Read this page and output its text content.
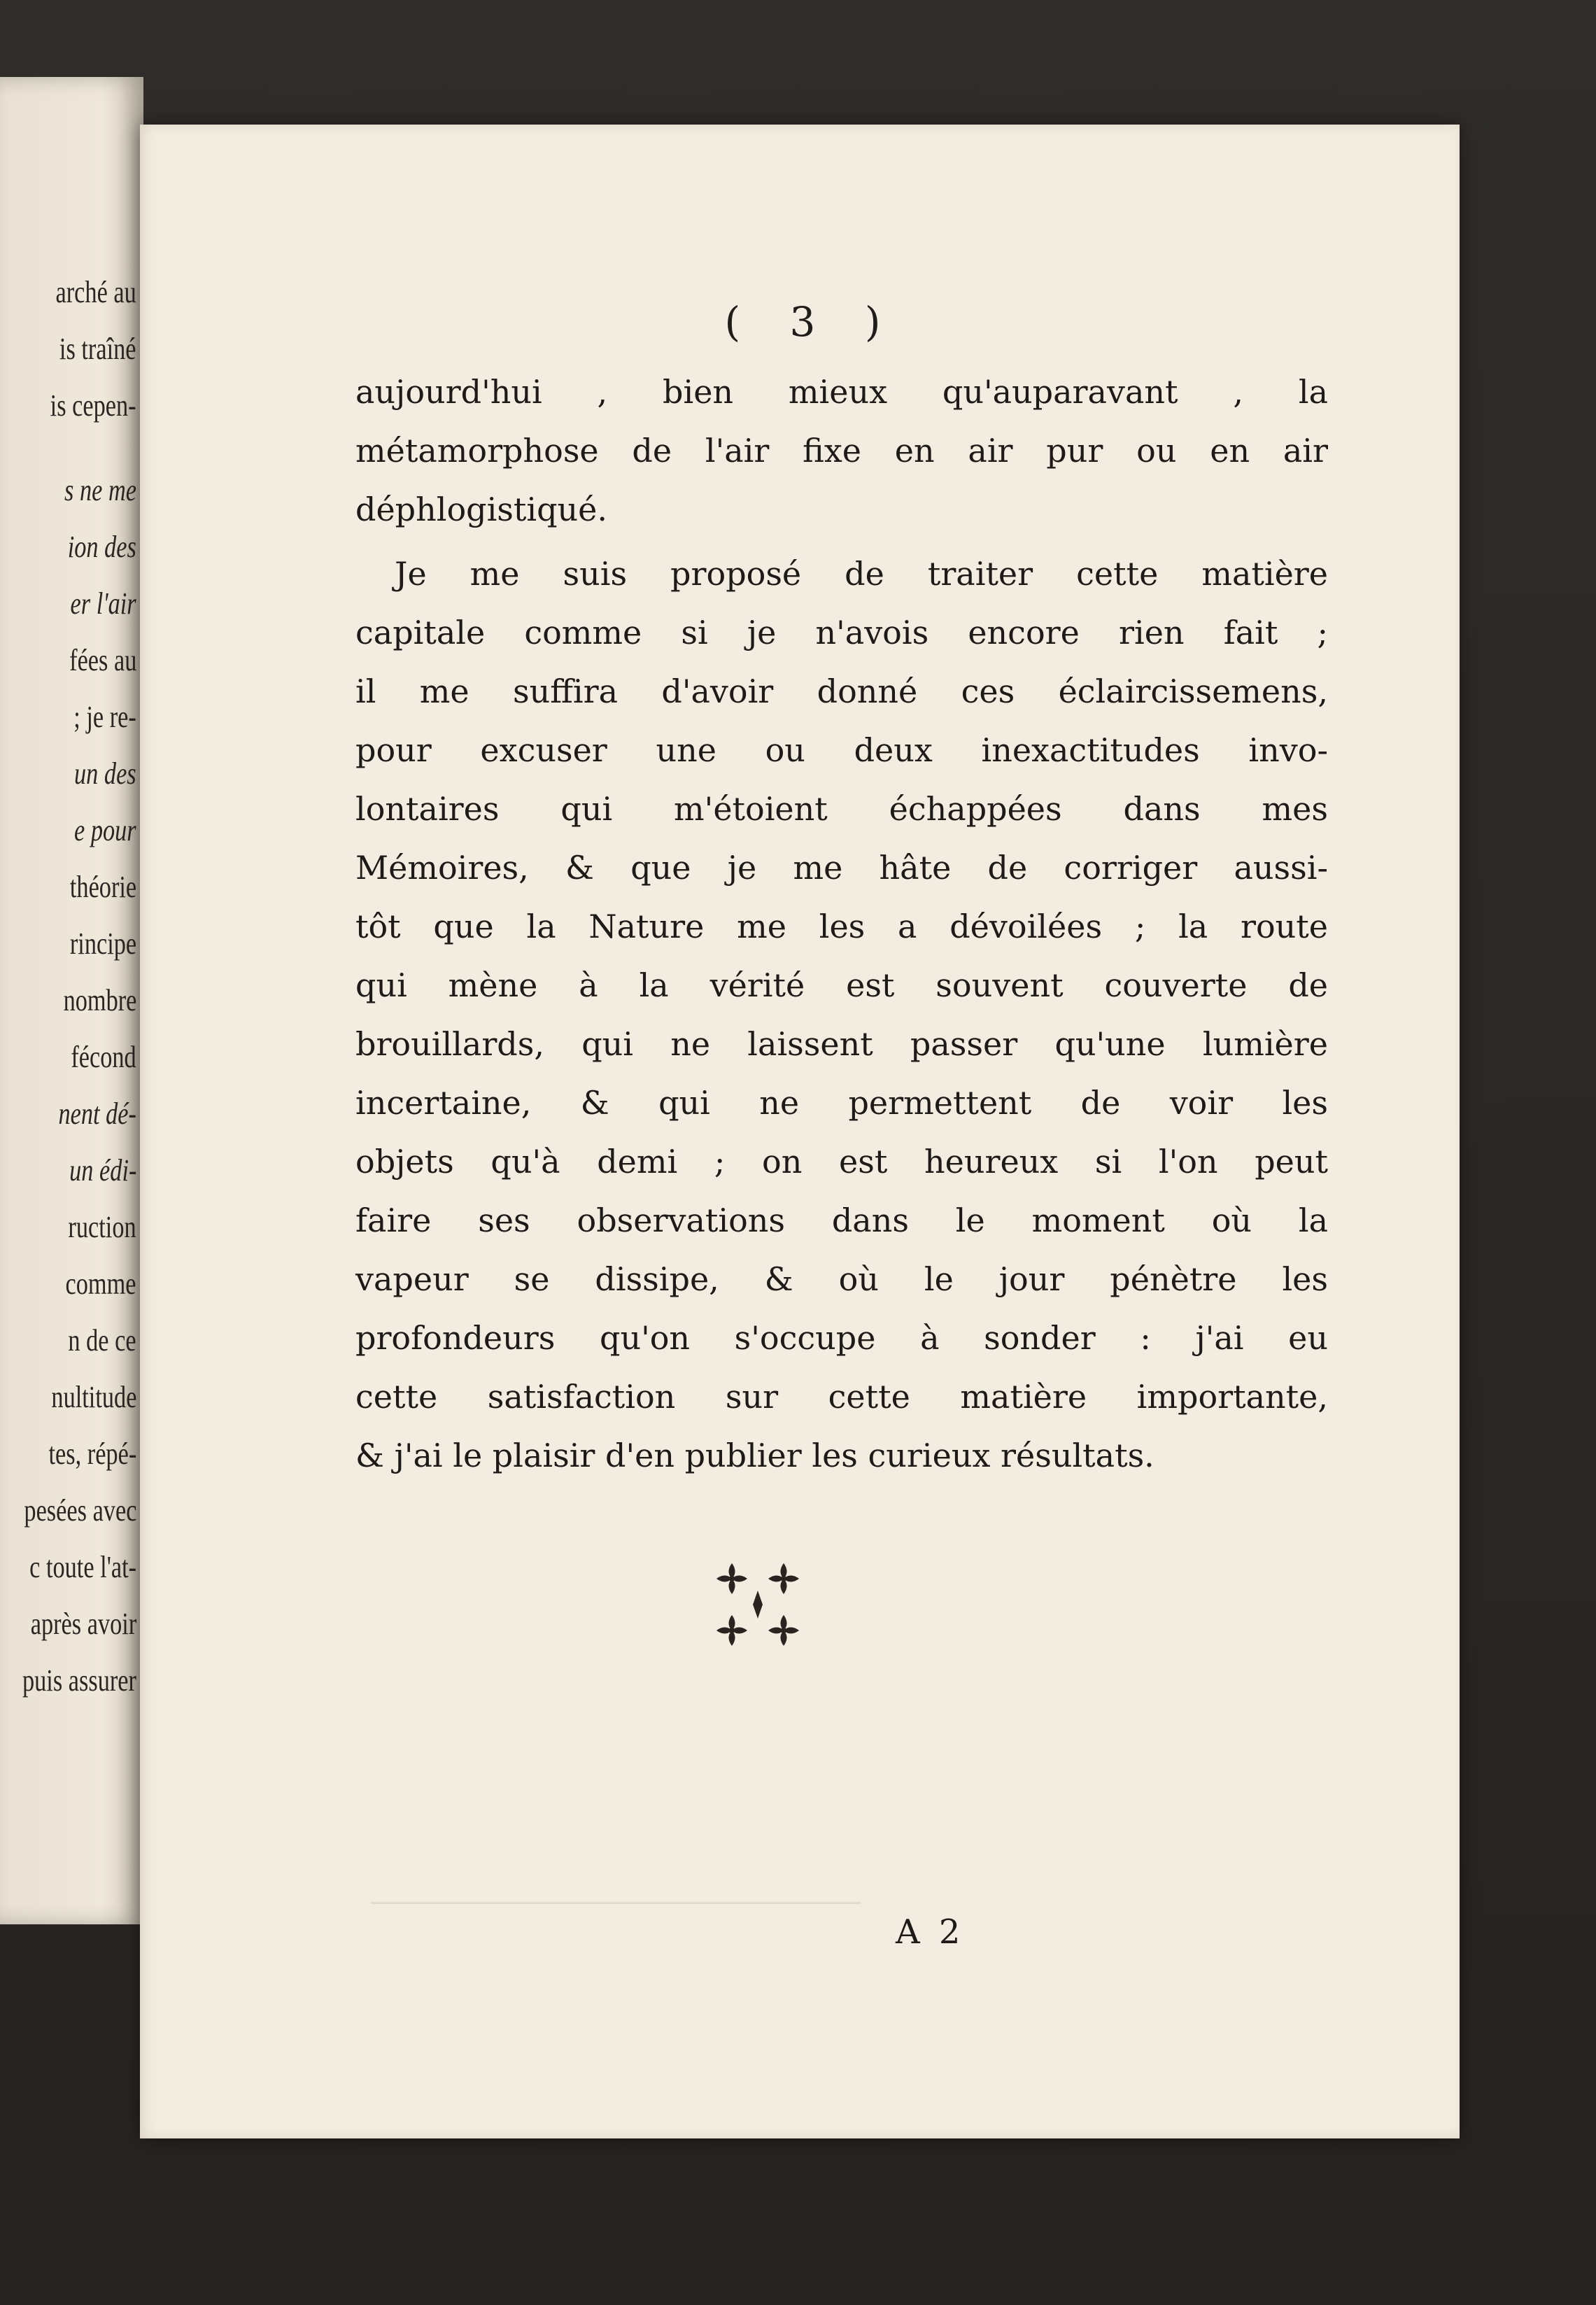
arché au
is traîné
is cepen-
s ne me
ion des
er l'air
fées au
; je re-
un des
e pour
théorie
rincipe
nombre
fécond
nent dé-
un édi-
ruction
comme
n de ce
nultitude
tes, répé-
pesées avec
c toute l'at-
après avoir
puis assurer
( 3 )
aujourd'hui , bien mieux qu'auparavant , la
métamorphose de l'air fixe en air pur ou en air
déphlogistiqué.
Je me suis proposé de traiter cette matière
capitale comme si je n'avois encore rien fait ;
il me suffira d'avoir donné ces éclaircissemens,
pour excuser une ou deux inexactitudes invo-
lontaires qui m'étoient échappées dans mes
Mémoires, & que je me hâte de corriger aussi-
tôt que la Nature me les a dévoilées ; la route
qui mène à la vérité est souvent couverte de
brouillards, qui ne laissent passer qu'une lumière
incertaine, & qui ne permettent de voir les
objets qu'à demi ; on est heureux si l'on peut
faire ses observations dans le moment où la
vapeur se dissipe, & où le jour pénètre les
profondeurs qu'on s'occupe à sonder : j'ai eu
cette satisfaction sur cette matière importante,
& j'ai le plaisir d'en publier les curieux résultats.
A 2
